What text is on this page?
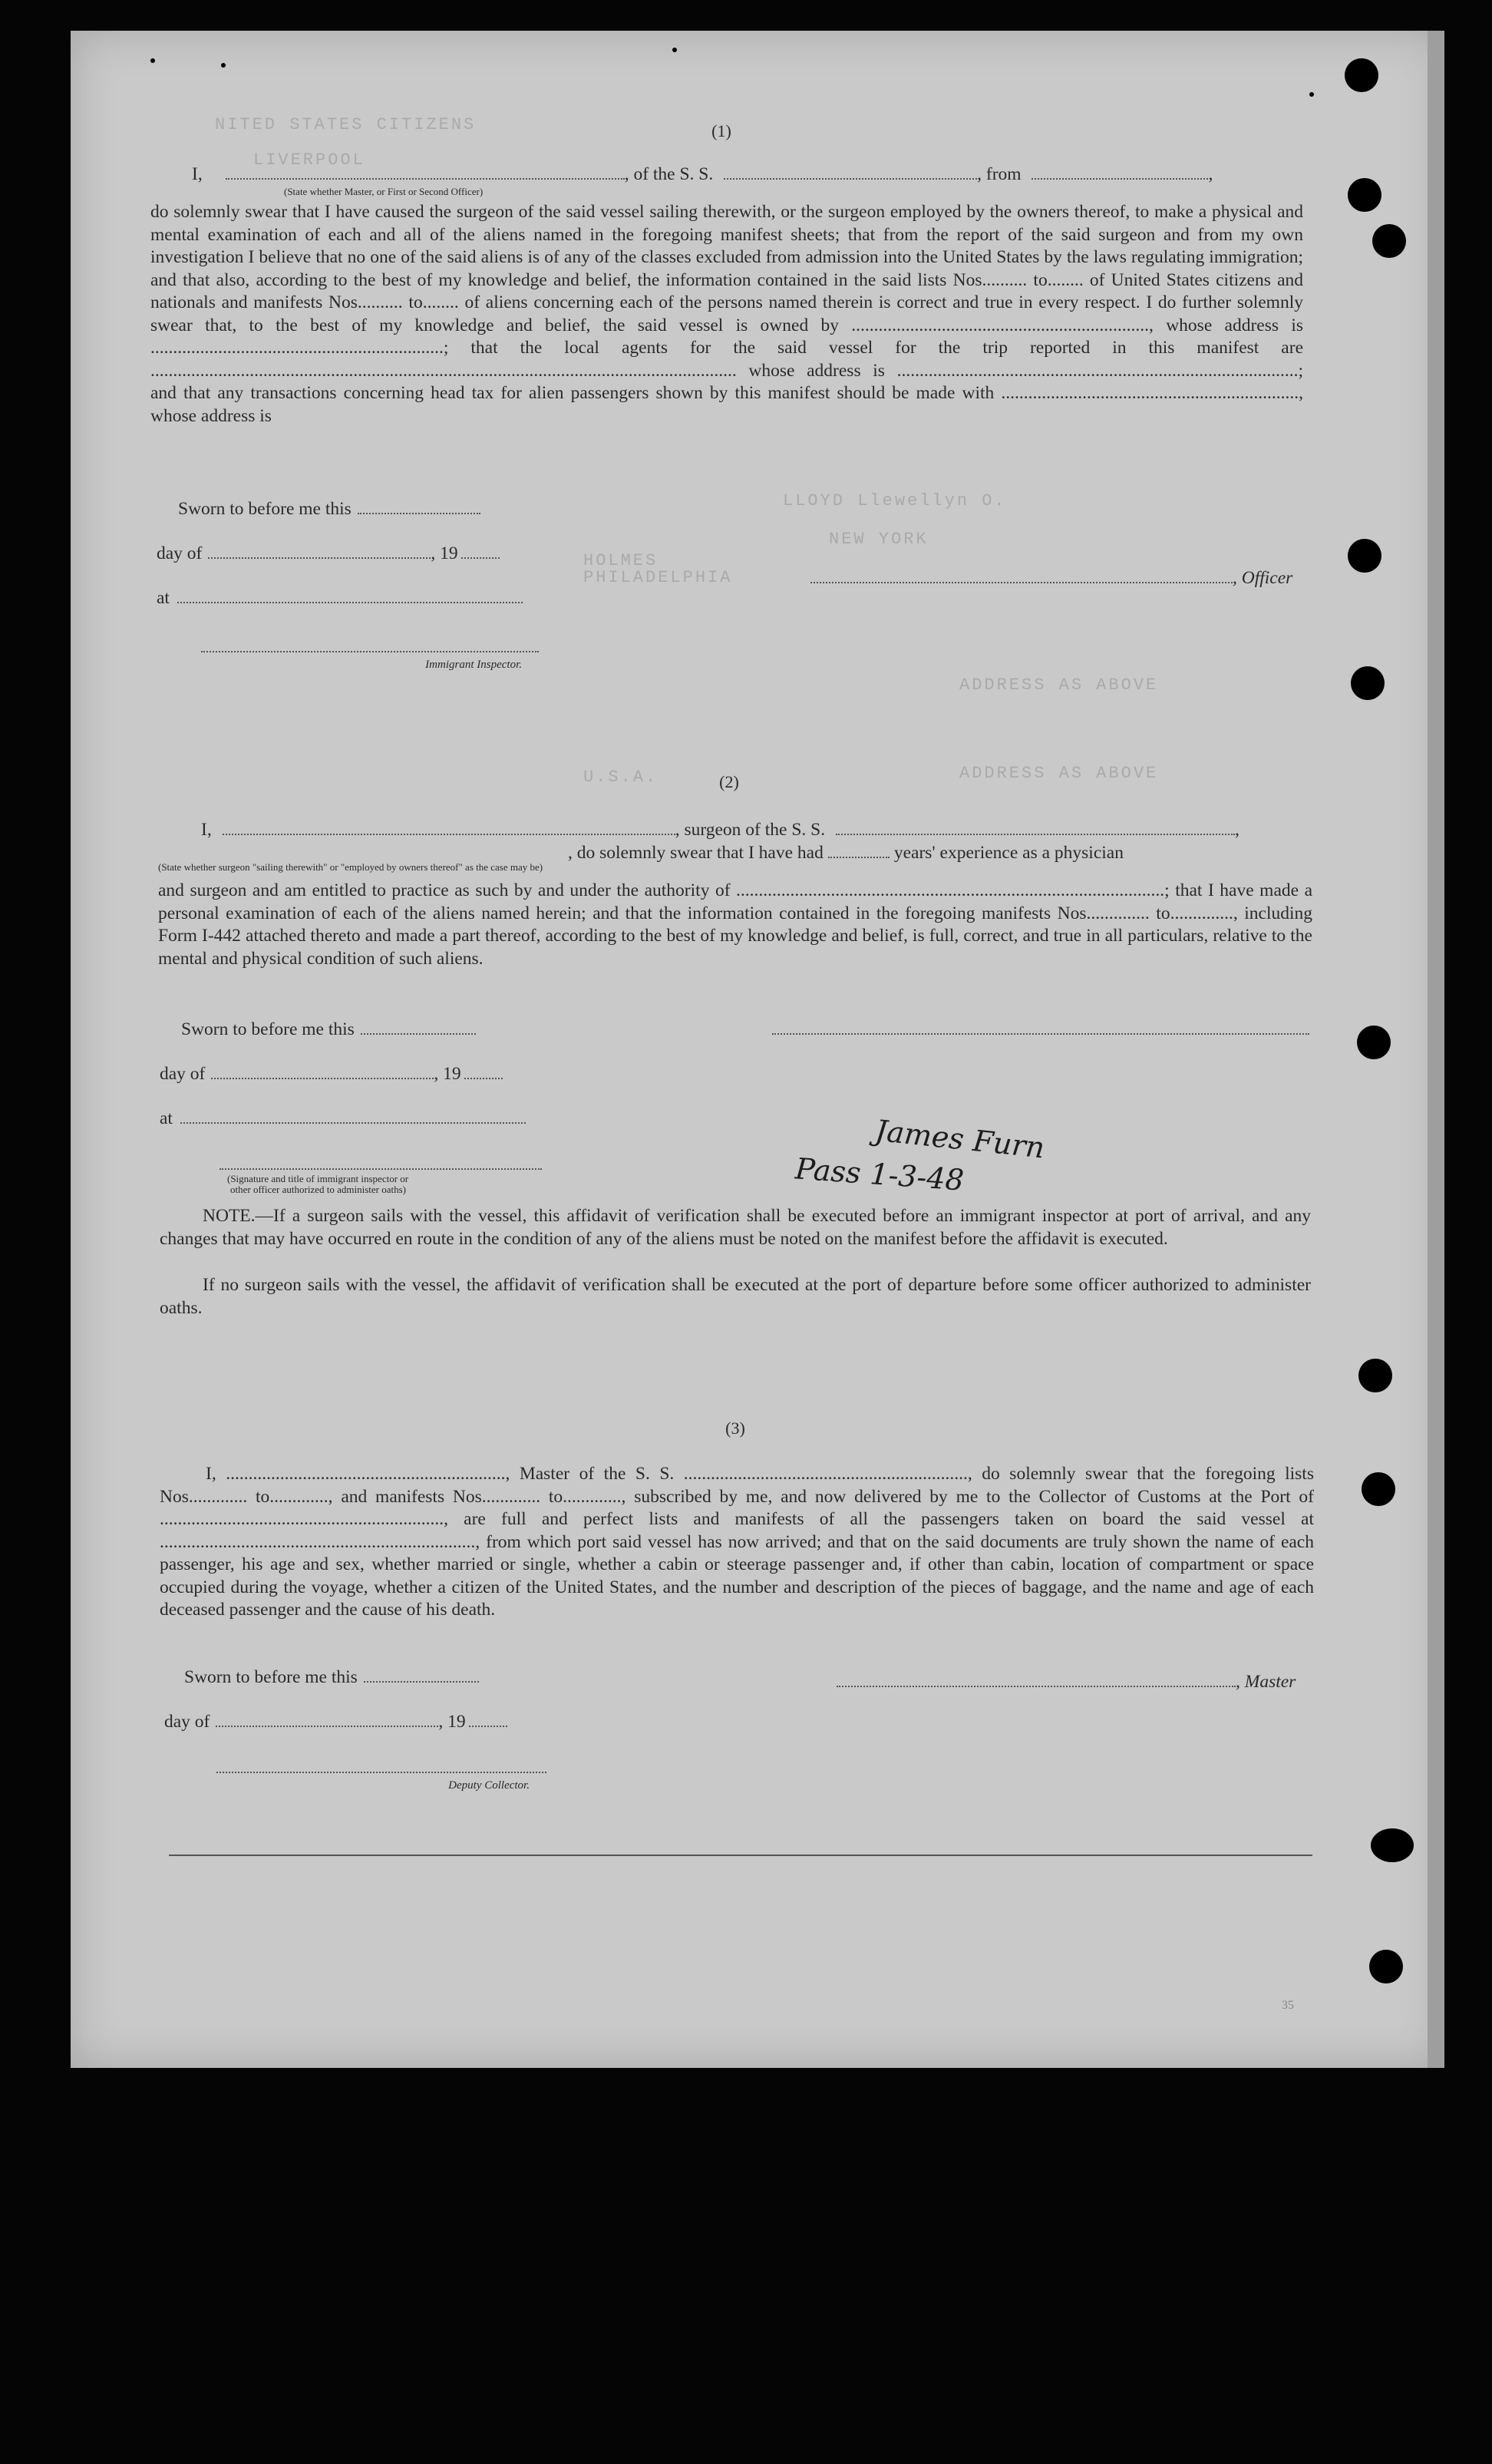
NITED STATES CITIZENS
LIVERPOOL
LLOYD Llewellyn O.
NEW YORK
HOLMES
PHILADELPHIA
ADDRESS AS ABOVE
U.S.A.	ADDRESS AS ABOVE
(1)
I,	, of the S. S.	, from	,
(State whether Master, or First or Second Officer)
do solemnly swear that I have caused the surgeon of the said vessel sailing therewith, or the surgeon employed by the owners thereof, to make a physical and mental examination of each and all of the aliens named in the foregoing manifest sheets; that from the report of the said surgeon and from my own investigation I believe that no one of the said aliens is of any of the classes excluded from admission into the United States by the laws regulating immigration; and that also, according to the best of my knowledge and belief, the information contained in the said lists Nos.......... to........ of United States citizens and nationals and manifests Nos.......... to........ of aliens concerning each of the persons named therein is correct and true in every respect. I do further solemnly swear that, to the best of my knowledge and belief, the said vessel is owned by .................................................................., whose address is .................................................................; that the local agents for the said vessel for the trip reported in this manifest are .................................................................................................................................. whose address is .........................................................................................; and that any transactions concerning head tax for alien passengers shown by this manifest should be made with .................................................................., whose address is
Sworn to before me this
day of	, 19
at
, Officer
Immigrant Inspector.
(2)
I,	, surgeon of the S. S.	,
, do solemnly swear that I have had	years' experience as a physician
(State whether surgeon "sailing therewith" or "employed by owners thereof" as the case may be)
and surgeon and am entitled to practice as such by and under the authority of ...............................................................................................; that I have made a personal examination of each of the aliens named herein; and that the information contained in the foregoing manifests Nos.............. to.............., including Form I-442 attached thereto and made a part thereof, according to the best of my knowledge and belief, is full, correct, and true in all particulars, relative to the mental and physical condition of such aliens.
Sworn to before me this
day of	, 19
at
(Signature and title of immigrant inspector or
other officer authorized to administer oaths)
James Furn
Pass 1-3-48
NOTE.—If a surgeon sails with the vessel, this affidavit of verification shall be executed before an immigrant inspector at port of arrival, and any changes that may have occurred en route in the condition of any of the aliens must be noted on the manifest before the affidavit is executed.
If no surgeon sails with the vessel, the affidavit of verification shall be executed at the port of departure before some officer authorized to administer oaths.
(3)
I, .............................................................., Master of the S. S. ..............................................................., do solemnly swear that the foregoing lists Nos............. to............., and manifests Nos............. to............., subscribed by me, and now delivered by me to the Collector of Customs at the Port of ..............................................................., are full and perfect lists and manifests of all the passengers taken on board the said vessel at ......................................................................, from which port said vessel has now arrived; and that on the said documents are truly shown the name of each passenger, his age and sex, whether married or single, whether a cabin or steerage passenger and, if other than cabin, location of compartment or space occupied during the voyage, whether a citizen of the United States, and the number and description of the pieces of baggage, and the name and age of each deceased passenger and the cause of his death.
Sworn to before me this
day of	, 19
, Master
Deputy Collector.
35
